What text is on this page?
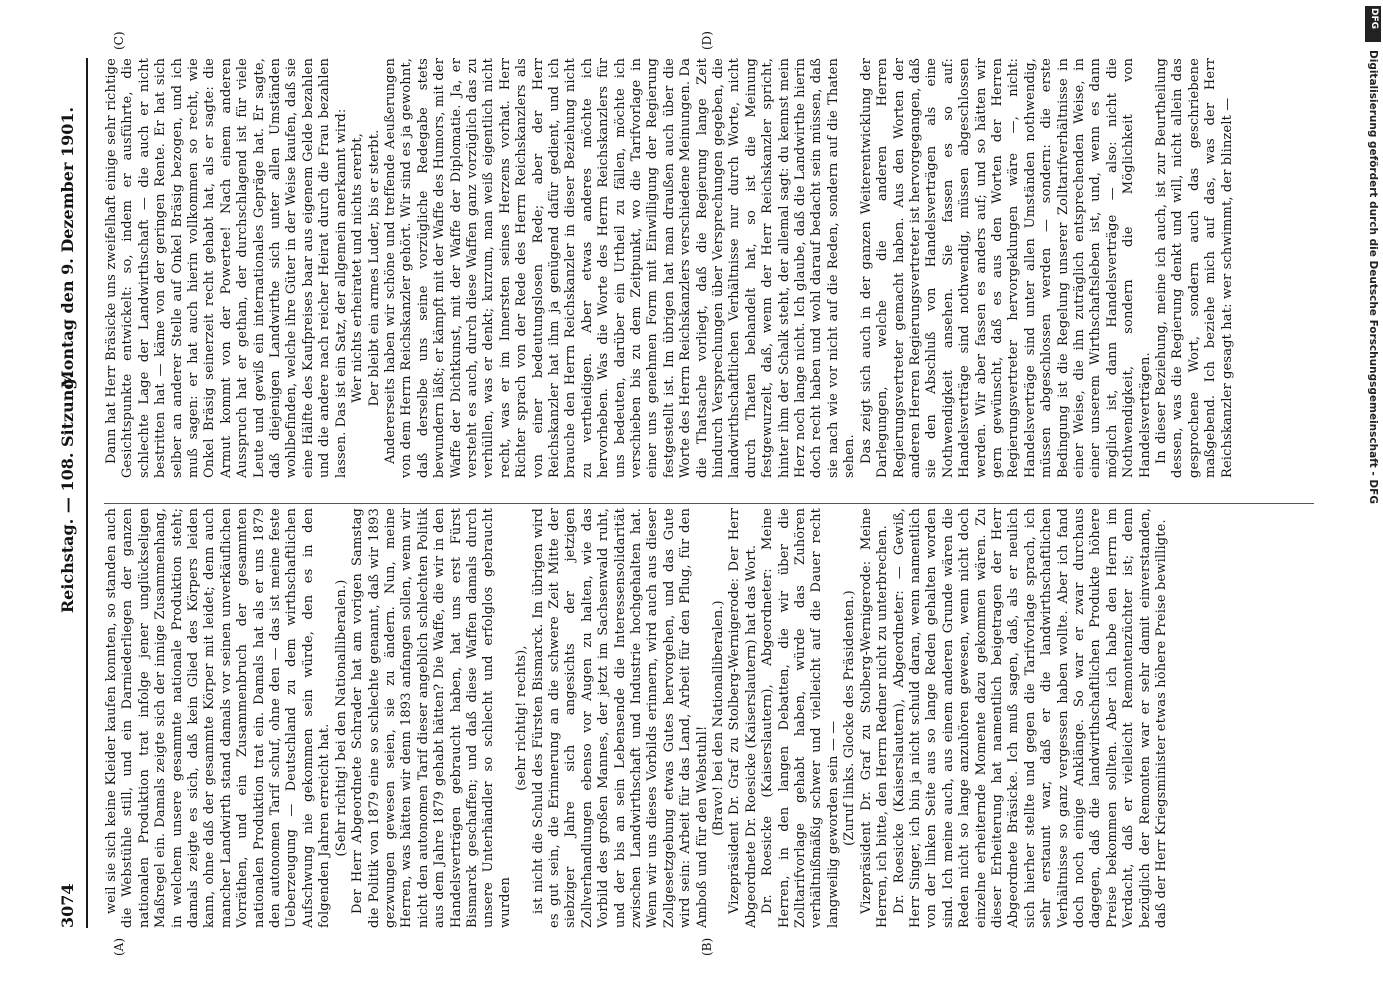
DFG
Digitalisierung gefördert durch die Deutsche Forschungsgemeinschaft - DFG
3074
Reichstag. — 108. Sitzung.
Montag den 9. Dezember 1901.
(A)	(B)
(C)	(D)

weil sie sich keine Kleider kaufen konnten, so standen auch die Webstühle still, und ein Darniederliegen der ganzen nationalen Produktion trat infolge jener unglückseligen Maßregel ein. Damals zeigte sich der innige Zusammenhang, in welchem unsere gesammte nationale Produktion steht; damals zeigte es sich, daß kein Glied des Körpers leiden kann, ohne daß der gesammte Körper mit leidet; denn auch mancher Landwirth stand damals vor seinen unverkäuflichen Vorräthen, und ein Zusammenbruch der gesammten nationalen Produktion trat ein. Damals hat als er uns 1879 den autonomen Tarif schuf, ohne den — das ist meine feste Ueberzeugung — Deutschland zu dem wirthschaftlichen Aufschwung nie gekommen sein würde, den es in den folgenden Jahren erreicht hat. (Sehr richtig! bei den Nationalliberalen.) Der Herr Abgeordnete Schrader hat am vorigen Samstag die Politik von 1879 eine so schlechte genannt, daß wir 1893 gezwungen gewesen seien, sie zu ändern. Nun, meine Herren, was hätten wir denn 1893 anfangen sollen, wenn wir nicht den autonomen Tarif dieser angeblich schlechten Politik aus dem Jahre 1879 gehabt hätten? Die Waffe, die wir in den Handelsverträgen gebraucht haben, hat uns erst Fürst Bismarck geschaffen; und daß diese Waffen damals durch unsere Unterhändler so schlecht und erfolglos gebraucht wurden

(sehr richtig! rechts), ist nicht die Schuld des Fürsten Bismarck. Im übrigen wird es gut sein, die Erinnerung an die schwere Zeit Mitte der siebziger Jahre sich angesichts der jetzigen Zollverhandlungen ebenso vor Augen zu halten, wie das Vorbild des großen Mannes, der jetzt im Sachsenwald ruht, und der bis an sein Lebensende die Interessensolidarität zwischen Landwirthschaft und Industrie hochgehalten hat. Wenn wir uns dieses Vorbilds erinnern, wird auch aus dieser Zollgesetzgebung etwas Gutes hervorgehen, und das Gute wird sein: Arbeit für das Land, Arbeit für den Pflug, für den Amboß und für den Webstuhl! (Bravo! bei den Nationalliberalen.) Vizepräsident Dr. Graf zu Stolberg-Wernigerode: Der Herr Abgeordnete Dr. Roesicke (Kaiserslautern) hat das Wort. Dr. Roesicke (Kaiserslautern), Abgeordneter: Meine Herren, in den langen Debatten, die wir über die Zolltarifvorlage gehabt haben, würde das Zuhören verhältnißmäßig schwer und vielleicht auf die Dauer recht langweilig geworden sein — — (Zuruf links. Glocke des Präsidenten.) Vizepräsident Dr. Graf zu Stolberg-Wernigerode: Meine Herren, ich bitte, den Herrn Redner nicht zu unterbrechen. Dr. Roesicke (Kaiserslautern), Abgeordneter: — Gewiß, Herr Singer, ich bin ja nicht schuld daran, wenn namentlich von der linken Seite aus so lange Reden gehalten worden sind. Ich meine auch, aus einem anderen Grunde wären die Reden nicht so lange anzuhören gewesen, wenn nicht doch einzelne erheiternde Momente dazu gekommen wären. Zu dieser Erheiterung hat namentlich beigetragen der Herr Abgeordnete Bräsicke. Ich muß sagen, daß, als er neulich sich hierher stellte und gegen die Tarifvorlage sprach, ich sehr erstaunt war, daß er die landwirthschaftlichen Verhältnisse so ganz vergessen haben wollte. Aber ich fand doch noch einige Anklänge. So war er zwar durchaus dagegen, daß die landwirthschaftlichen Produkte höhere Preise bekommen sollten. Aber ich habe den Herrn im Verdacht, daß er vielleicht Remontenzüchter ist; denn bezüglich der Remonten war er sehr damit einverstanden, daß der Herr Kriegsminister etwas höhere Preise bewilligte.

Dann hat Herr Bräsicke uns zweifelhaft einige sehr richtige Gesichtspunkte entwickelt: so, indem er ausführte, die schlechte Lage der Landwirthschaft — die auch er nicht bestritten hat — käme von der geringen Rente. Er hat sich selber an anderer Stelle auf Onkel Bräsig bezogen, und ich muß sagen: er hat auch hierin vollkommen so recht, wie Onkel Bräsig seinerzeit recht gehabt hat, als er sagte: die Armut kommt von der Powertee! Nach einem anderen Ausspruch hat er gethan, der durchschlagend ist für viele Leute und gewiß ein internationales Gepräge hat. Er sagte, daß diejenigen Landwirthe sich unter allen Umständen wohlbefinden, welche ihre Güter in der Weise kaufen, daß sie eine Hälfte des Kaufpreises baar aus eigenem Gelde bezahlen und die andere nach reicher Heirat durch die Frau bezahlen lassen. Das ist ein Satz, der allgemein anerkannt wird: Wer nichts erheiratet und nichts ererbt, Der bleibt ein armes Luder, bis er sterbt. Andererseits haben wir schöne und treffende Aeußerungen von dem Herrn Reichskanzler gehört. Wir sind es ja gewohnt, daß derselbe uns seine vorzügliche Redegabe stets bewundern läßt; er kämpft mit der Waffe des Humors, mit der Waffe der Dichtkunst, mit der Waffe der Diplomatie. Ja, er versteht es auch, durch diese Waffen ganz vorzüglich das zu verhüllen, was er denkt; kurzum, man weiß eigentlich nicht recht, was er im Innersten seines Herzens vorhat. Herr Richter sprach von der Rede des Herrn Reichskanzlers als von einer bedeutungslosen Rede; aber der Herr Reichskanzler hat ihm ja genügend dafür gedient, und ich brauche den Herrn Reichskanzler in dieser Beziehung nicht zu vertheidigen. Aber etwas anderes möchte ich hervorheben. Was die Worte des Herrn Reichskanzlers für uns bedeuten, darüber ein Urtheil zu fällen, möchte ich verschieben bis zu dem Zeitpunkt, wo die Tarifvorlage in einer uns genehmen Form mit Einwilligung der Regierung festgestellt ist. Im übrigen hat man draußen auch über die Worte des Herrn Reichskanzlers verschiedene Meinungen. Da die Thatsache vorliegt, daß die Regierung lange Zeit hindurch Versprechungen über Versprechungen gegeben, die landwirthschaftlichen Verhältnisse nur durch Worte, nicht durch Thaten behandelt hat, so ist die Meinung festgewurzelt, daß, wenn der Herr Reichskanzler spricht, hinter ihm der Schalk steht, der allemal sagt: du kennst mein Herz noch lange nicht. Ich glaube, daß die Landwirthe hierin doch recht haben und wohl darauf bedacht sein müssen, daß sie nach wie vor nicht auf die Reden, sondern auf die Thaten sehen. Das zeigt sich auch in der ganzen Weiterentwicklung der Darlegungen, welche die anderen Herren Regierungsvertreter gemacht haben. Aus den Worten der anderen Herren Regierungsvertreter ist hervorgegangen, daß sie den Abschluß von Handelsverträgen als eine Nothwendigkeit ansehen. Sie fassen es so auf: Handelsverträge sind nothwendig, müssen abgeschlossen werden. Wir aber fassen es anders auf; und so hätten wir gern gewünscht, daß es aus den Worten der Herren Regierungsvertreter hervorgeklungen wäre —, nicht: Handelsverträge sind unter allen Umständen nothwendig, müssen abgeschlossen werden — sondern: die erste Bedingung ist die Regelung unserer Zolltarifverhältnisse in einer Weise, die ihn zuträglich entsprechenden Weise, in einer unserem Wirthschaftsleben ist, und, wenn es dann möglich ist, dann Handelsverträge — also: nicht die Nothwendigkeit, sondern die Möglichkeit von Handelsverträgen. In dieser Beziehung, meine ich auch, ist zur Beurtheilung dessen, was die Regierung denkt und will, nicht allein das gesprochene Wort, sondern auch das geschriebene maßgebend. Ich beziehe mich auf das, was der Herr Reichskanzler gesagt hat: wer schwimmt, der blinzelt —
